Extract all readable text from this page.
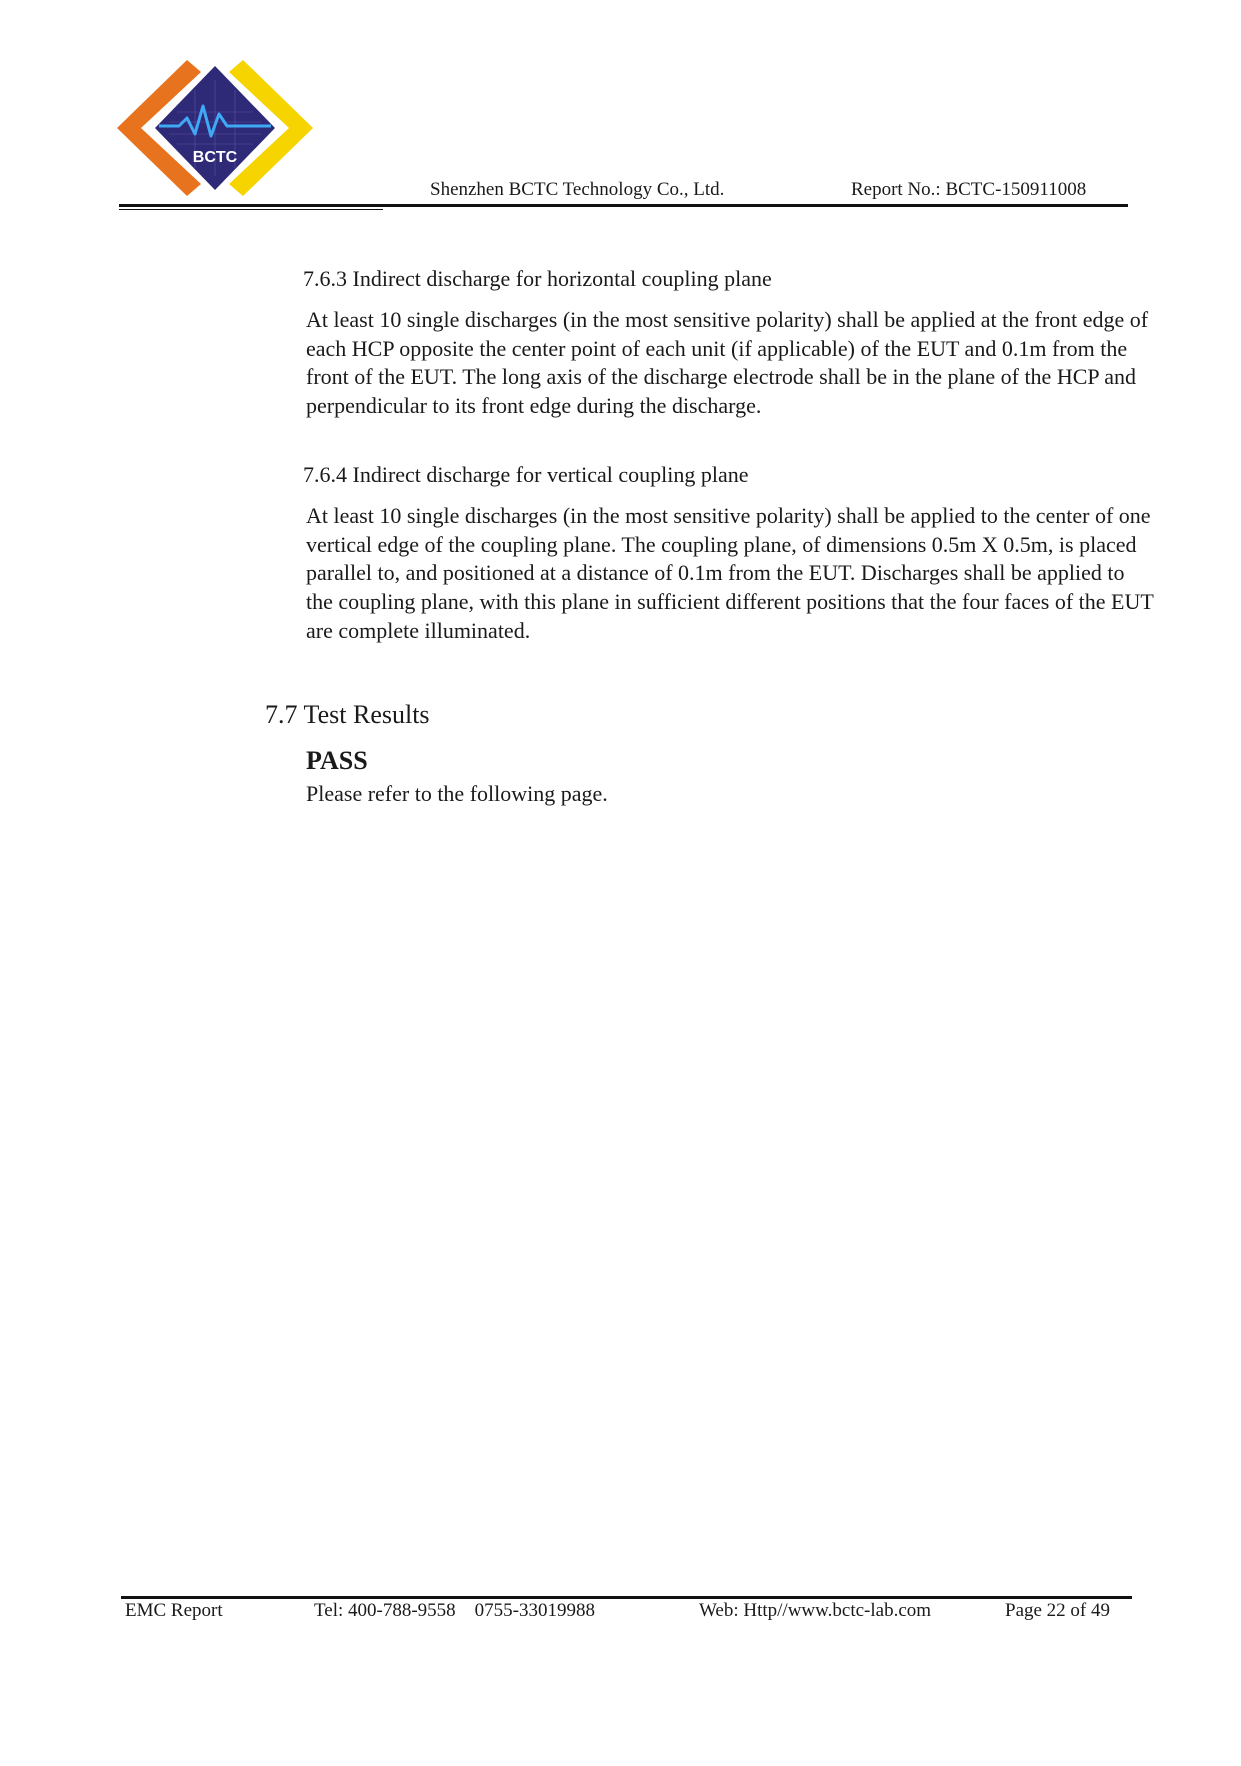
BCTC
Shenzhen BCTC Technology Co., Ltd.	Report No.: BCTC-150911008
7.6.3 Indirect discharge for horizontal coupling plane
At least 10 single discharges (in the most sensitive polarity) shall be applied at the front edge of each HCP opposite the center point of each unit (if applicable) of the EUT and 0.1m from the front of the EUT. The long axis of the discharge electrode shall be in the plane of the HCP and perpendicular to its front edge during the discharge.
7.6.4 Indirect discharge for vertical coupling plane
At least 10 single discharges (in the most sensitive polarity) shall be applied to the center of one vertical edge of the coupling plane. The coupling plane, of dimensions 0.5m X 0.5m, is placed parallel to, and positioned at a distance of 0.1m from the EUT. Discharges shall be applied to the coupling plane, with this plane in sufficient different positions that the four faces of the EUT are complete illuminated.
7.7 Test Results
PASS
Please refer to the following page.
EMC Report	Tel: 400-788-9558    0755-33019988	Web: Http//www.bctc-lab.com	Page 22 of 49
